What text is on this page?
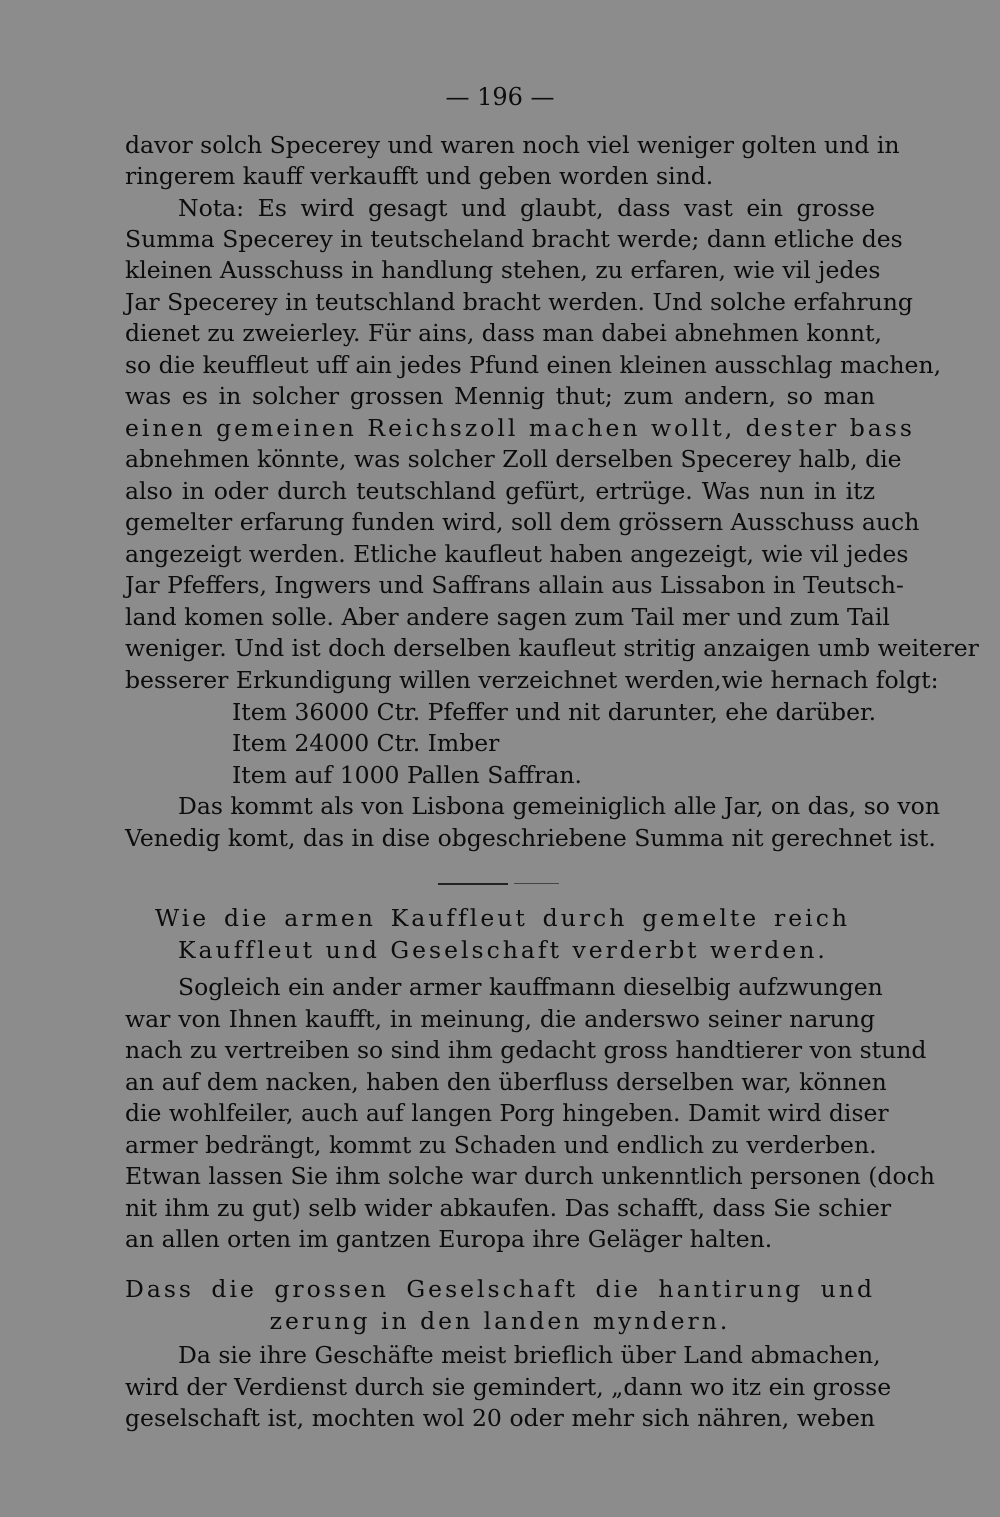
— 196 —
davor solch Specerey und waren noch viel weniger golten und in
ringerem kauff verkaufft und geben worden sind.
Nota: Es wird gesagt und glaubt, dass vast ein grosse
Summa Specerey in teutscheland bracht werde; dann etliche des
kleinen Ausschuss in handlung stehen, zu erfaren, wie vil jedes
Jar Specerey in teutschland bracht werden. Und solche erfahrung
dienet zu zweierley. Für ains, dass man dabei abnehmen konnt,
so die keuffleut uff ain jedes Pfund einen kleinen ausschlag machen,
was es in solcher grossen Mennig thut; zum andern, so man
einen gemeinen Reichszoll machen wollt, dester bass
abnehmen könnte, was solcher Zoll derselben Specerey halb, die
also in oder durch teutschland gefürt, ertrüge. Was nun in itz
gemelter erfarung funden wird, soll dem grössern Ausschuss auch
angezeigt werden. Etliche kaufleut haben angezeigt, wie vil jedes
Jar Pfeffers, Ingwers und Saffrans allain aus Lissabon in Teutsch-
land komen solle. Aber andere sagen zum Tail mer und zum Tail
weniger. Und ist doch derselben kaufleut stritig anzaigen umb weiterer
besserer Erkundigung willen verzeichnet werden,wie hernach folgt:
Item 36000 Ctr. Pfeffer und nit darunter, ehe darüber.
Item 24000 Ctr. Imber
Item auf 1000 Pallen Saffran.
Das kommt als von Lisbona gemeiniglich alle Jar, on das, so von
Venedig komt, das in dise obgeschriebene Summa nit gerechnet ist.
Wie die armen Kauffleut durch gemelte reich
Kauffleut und Geselschaft verderbt werden.
Sogleich ein ander armer kauffmann dieselbig aufzwungen
war von Ihnen kaufft, in meinung, die anderswo seiner narung
nach zu vertreiben so sind ihm gedacht gross handtierer von stund
an auf dem nacken, haben den überfluss derselben war, können
die wohlfeiler, auch auf langen Porg hingeben. Damit wird diser
armer bedrängt, kommt zu Schaden und endlich zu verderben.
Etwan lassen Sie ihm solche war durch unkenntlich personen (doch
nit ihm zu gut) selb wider abkaufen. Das schafft, dass Sie schier
an allen orten im gantzen Europa ihre Geläger halten.
Dass die grossen Geselschaft die hantirung und
zerung in den landen myndern.
Da sie ihre Geschäfte meist brieflich über Land abmachen,
wird der Verdienst durch sie gemindert, „dann wo itz ein grosse
geselschaft ist, mochten wol 20 oder mehr sich nähren, weben
